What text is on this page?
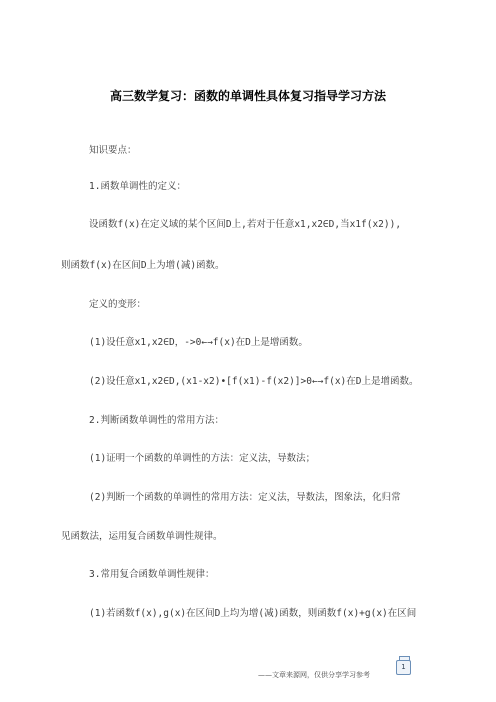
高三数学复习：函数的单调性具体复习指导学习方法
知识要点：
1.函数单调性的定义：
设函数f(x)在定义域的某个区间D上,若对于任意x1,x2∈D,当x1f(x2)),
则函数f(x)在区间D上为增(减)函数。
定义的变形：
(1)设任意x1,x2∈D，->0←→f(x)在D上是增函数。
(2)设任意x1,x2∈D,(x1-x2)•[f(x1)-f(x2)]>0←→f(x)在D上是增函数。
2.判断函数单调性的常用方法：
(1)证明一个函数的单调性的方法：定义法，导数法；
(2)判断一个函数的单调性的常用方法：定义法，导数法，图象法，化归常
见函数法，运用复合函数单调性规律。
3.常用复合函数单调性规律：
(1)若函数f(x),g(x)在区间D上均为增(减)函数，则函数f(x)+g(x)在区间
——文章来源网，仅供分享学习参考
1
